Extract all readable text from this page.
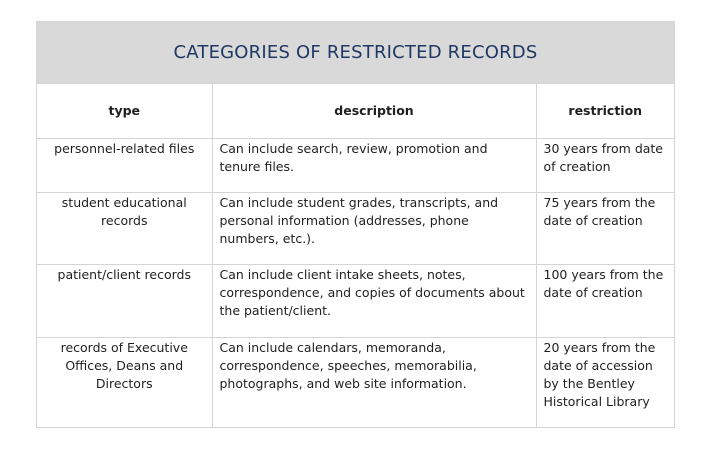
CATEGORIES OF RESTRICTED RECORDS
type	description	restriction
personnel-related files	Can include search, review, promotion and tenure files.	30 years from date of creation
student educational records	Can include student grades, transcripts, and personal information (addresses, phone numbers, etc.).	75 years from the date of creation
patient/client records	Can include client intake sheets, notes, correspondence, and copies of documents about the patient/client.	100 years from the date of creation
records of Executive Offices, Deans and Directors	Can include calendars, memoranda, correspondence, speeches, memorabilia, photographs, and web site information.	20 years from the date of accession by the Bentley Historical Library
